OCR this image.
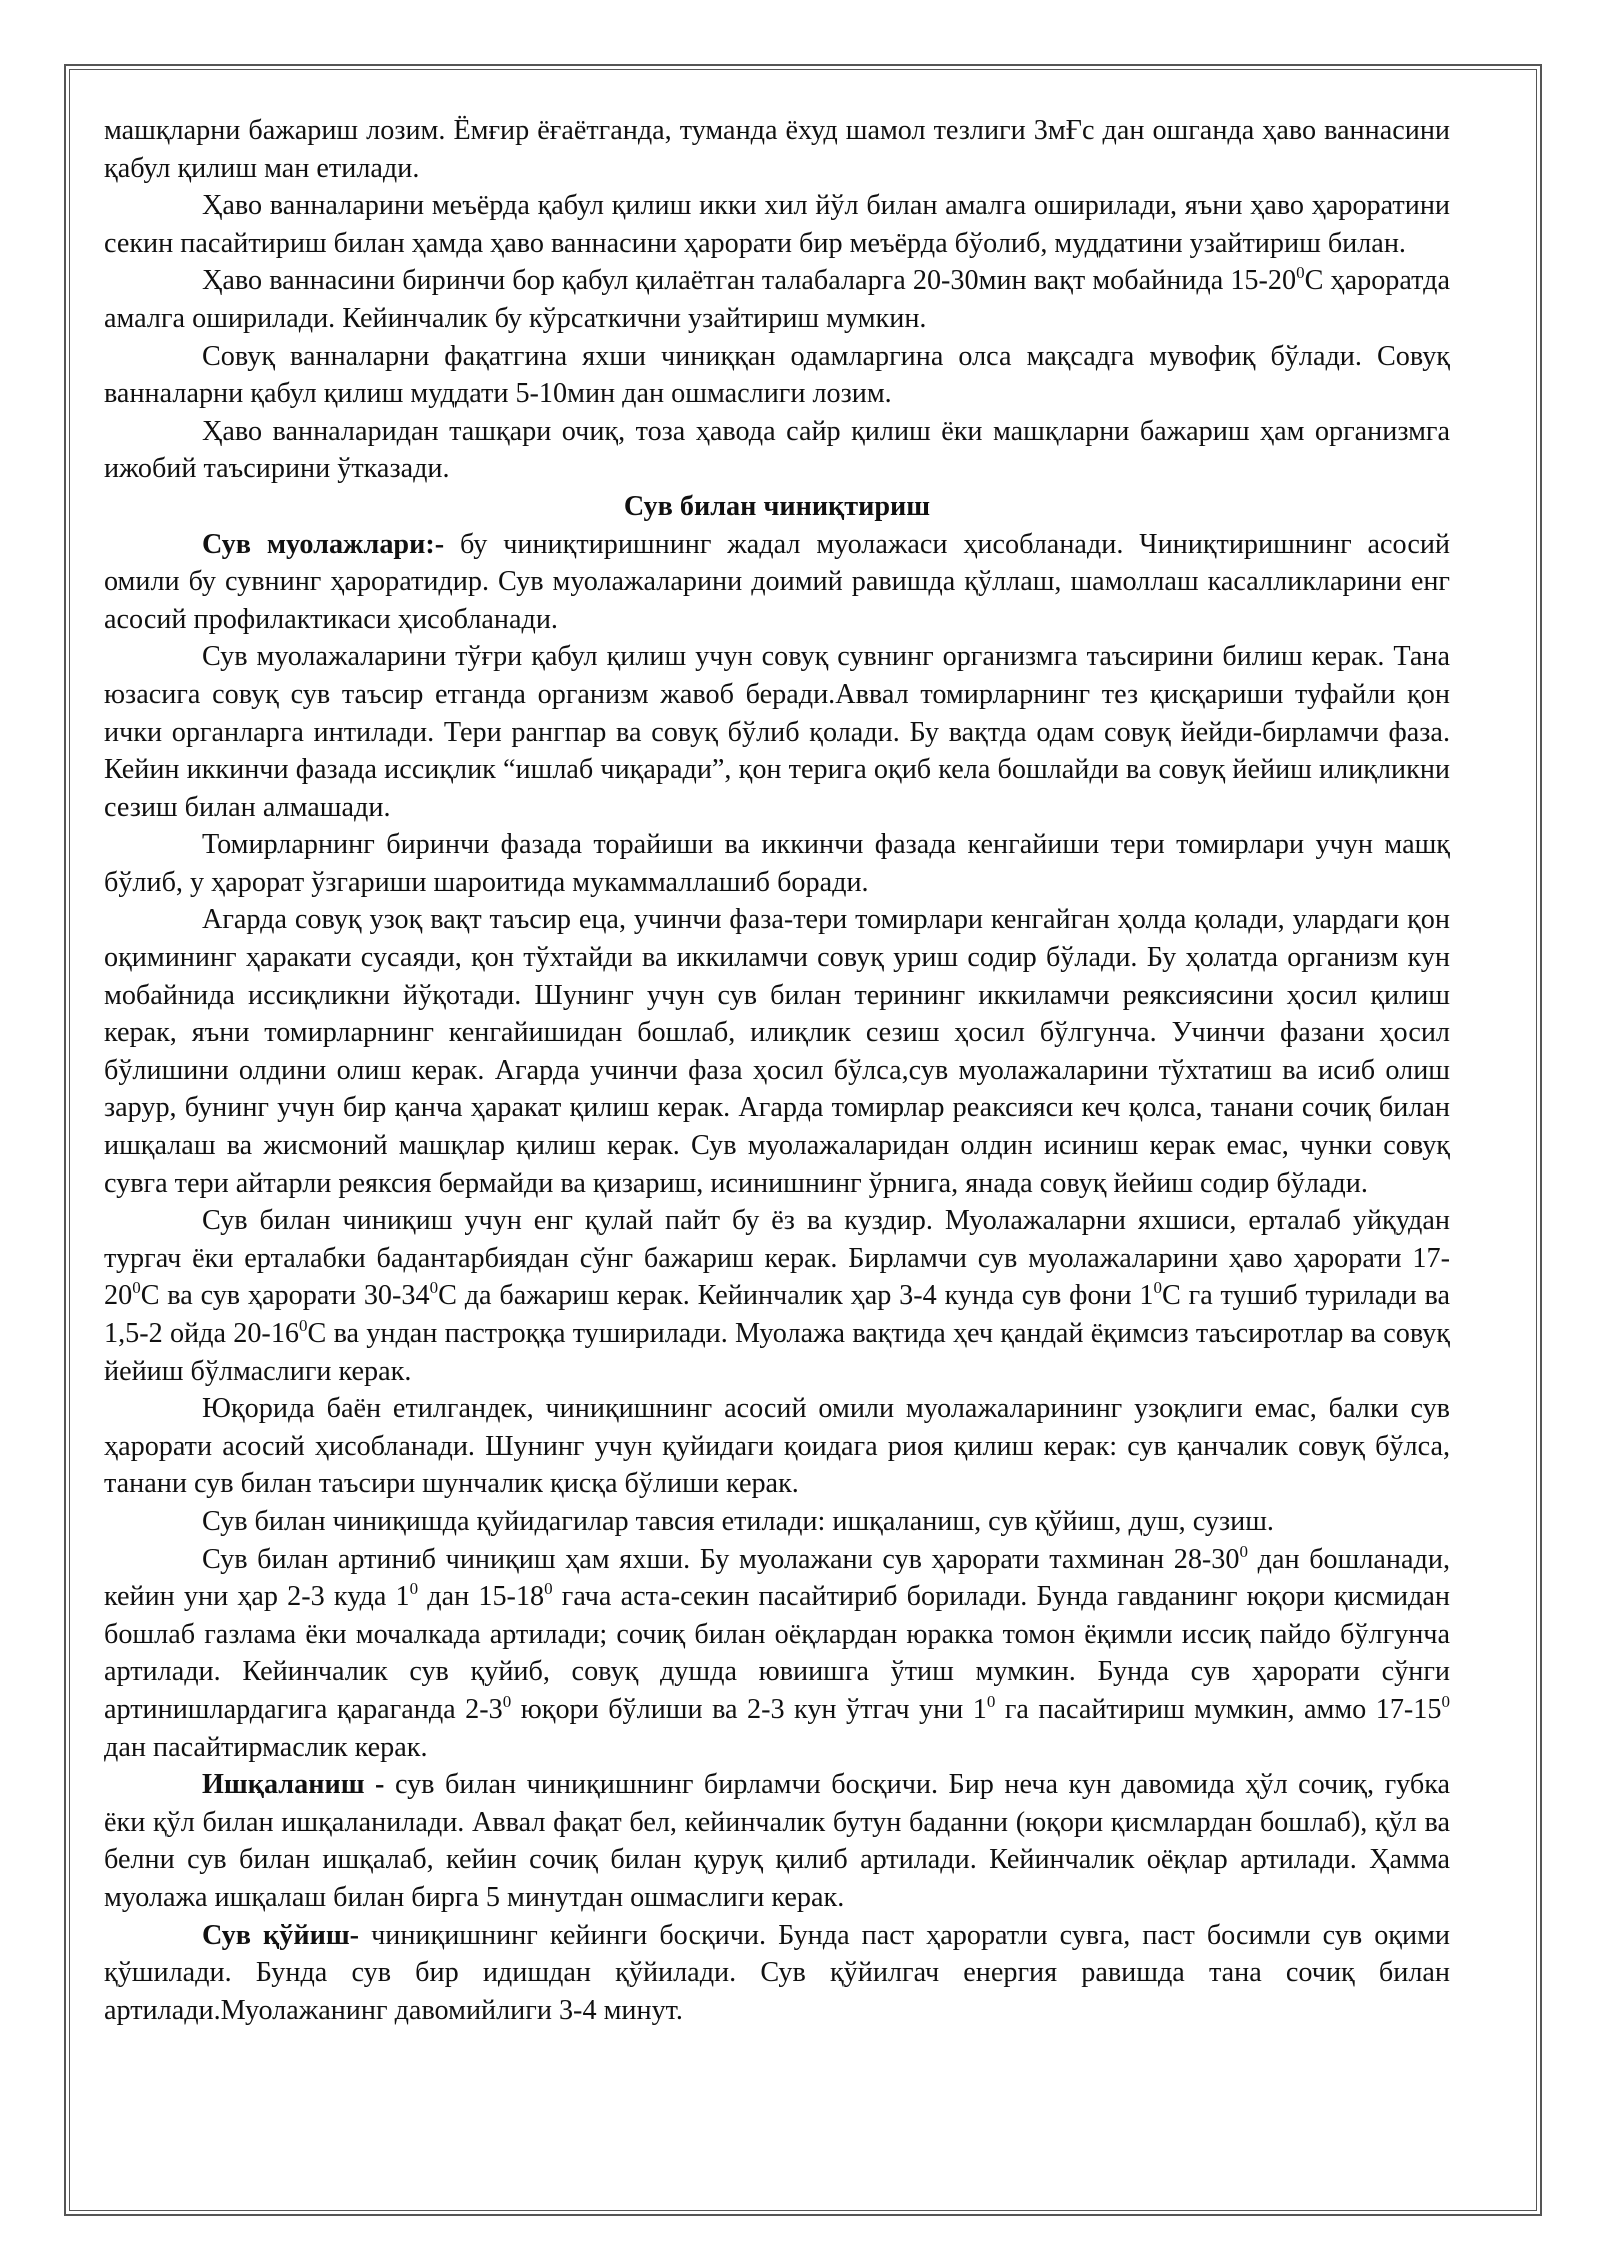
машқларни бажариш лозим. Ёмғир ёғаётганда, туманда ёхуд шамол тезлиги 3мҒс дан ошганда ҳаво ваннасини қабул қилиш ман етилади.

Ҳаво ванналарини меъёрда қабул қилиш икки хил йўл билан амалга оширилади, яъни ҳаво ҳароратини секин пасайтириш билан ҳамда ҳаво ваннасини ҳарорати бир меъёрда бўолиб, муддатини узайтириш билан.

Ҳаво ваннасини биринчи бор қабул қилаётган талабаларга 20-30мин вақт мобайнида $15-20^0С$ ҳароратда амалга оширилади. Кейинчалик бу кўрсаткични узайтириш мумкин.

Совуқ ванналарни фақатгина яхши чиниққан одамларгина олса мақсадга мувофиқ бўлади. Совуқ ванналарни қабул қилиш муддати 5-10мин дан ошмаслиги лозим.

Ҳаво ванналаридан ташқари очиқ, тоза ҳавода сайр қилиш ёки машқларни бажариш ҳам организмга ижобий таъсирини ўтказади.

Сув билан чиниқтириш

Сув муолажлари:- бу чиниқтиришнинг жадал муолажаси ҳисобланади. Чиниқтиришнинг асосий омили бу сувнинг ҳароратидир. Сув муолажаларини доимий равишда қўллаш, шамоллаш касалликларини енг асосий профилактикаси ҳисобланади.

Сув муолажаларини тўғри қабул қилиш учун совуқ сувнинг организмга таъсирини билиш керак. Тана юзасига совуқ сув таъсир етганда организм жавоб беради.Аввал томирларнинг тез қисқариши туфайли қон ички органларга интилади. Тери рангпар ва совуқ бўлиб қолади. Бу вақтда одам совуқ йейди-бирламчи фаза. Кейин иккинчи фазада иссиқлик “ишлаб чиқаради”, қон терига оқиб кела бошлайди ва совуқ йейиш илиқликни сезиш билан алмашади.

Томирларнинг биринчи фазада торайиши ва иккинчи фазада кенгайиши тери томирлари учун машқ бўлиб, у ҳарорат ўзгариши шароитида мукаммаллашиб боради.

Агарда совуқ узоқ вақт таъсир еца, учинчи фаза-тери томирлари кенгайган ҳолда қолади, улардаги қон оқимининг ҳаракати сусаяди, қон тўхтайди ва иккиламчи совуқ уриш содир бўлади. Бу ҳолатда организм кун мобайнида иссиқликни йўқотади. Шунинг учун сув билан терининг иккиламчи реяксиясини ҳосил қилиш керак, яъни томирларнинг кенгайишидан бошлаб, илиқлик сезиш ҳосил бўлгунча. Учинчи фазани ҳосил бўлишини олдини олиш керак. Агарда учинчи фаза ҳосил бўлса,сув муолажаларини тўхтатиш ва исиб олиш зарур, бунинг учун бир қанча ҳаракат қилиш керак. Агарда томирлар реаксияси кеч қолса, танани сочиқ билан ишқалаш ва жисмоний машқлар қилиш керак. Сув муолажаларидан олдин исиниш керак емас, чунки совуқ сувга тери айтарли реяксия бермайди ва қизариш, исинишнинг ўрнига, янада совуқ йейиш содир бўлади.

Сув билан чиниқиш учун енг қулай пайт бу ёз ва куздир. Муолажаларни яхшиси, ерталаб уйқудан тургач ёки ерталабки бадантарбиядан сўнг бажариш керак. Бирламчи сув муолажаларини ҳаво ҳарорати $17-20^0С$ ва сув ҳарорати $30-34^0С$ да бажариш керак. Кейинчалик ҳар 3-4 кунда сув фони $1^0С$ га тушиб турилади ва 1,5-2 ойда $20-16^0С$ ва ундан пастроққа туширилади. Муолажа вақтида ҳеч қандай ёқимсиз таъсиротлар ва совуқ йейиш бўлмаслиги керак.

Юқорида баён етилгандек, чиниқишнинг асосий омили муолажаларининг узоқлиги емас, балки сув ҳарорати асосий ҳисобланади. Шунинг учун қуйидаги қоидага риоя қилиш керак: сув қанчалик совуқ бўлса, танани сув билан таъсири шунчалик қисқа бўлиши керак.

Сув билан чиниқишда қуйидагилар тавсия етилади: ишқаланиш, сув қўйиш, душ, сузиш.

Сув билан артиниб чиниқиш ҳам яхши. Бу муолажани сув ҳарорати тахминан $28-30^0$ дан бошланади, кейин уни ҳар 2-3 куда $1^0$ дан $15-18^0$ гача аста-секин пасайтириб борилади. Бунда гавданинг юқори қисмидан бошлаб газлама ёки мочалкада артилади; сочиқ билан оёқлардан юракка томон ёқимли иссиқ пайдо бўлгунча артилади. Кейинчалик сув қуйиб, совуқ душда ювиишга ўтиш мумкин. Бунда сув ҳарорати сўнги артинишлардагига қараганда $2-3^0$ юқори бўлиши ва 2-3 кун ўтгач уни $1^0$ га пасайтириш мумкин, аммо $17-15^0$ дан пасайтирмаслик керак.

Ишқаланиш - сув билан чиниқишнинг бирламчи босқичи. Бир неча кун давомида ҳўл сочиқ, губка ёки қўл билан ишқаланилади. Аввал фақат бел, кейинчалик бутун баданни (юқори қисмлардан бошлаб), қўл ва белни сув билан ишқалаб, кейин сочиқ билан қуруқ қилиб артилади. Кейинчалик оёқлар артилади. Ҳамма муолажа ишқалаш билан бирга 5 минутдан ошмаслиги керак.

Сув қўйиш- чиниқишнинг кейинги босқичи. Бунда паст ҳароратли сувга, паст босимли сув оқими қўшилади. Бунда сув бир идишдан қўйилади. Сув қўйилгач енергия равишда тана сочиқ билан артилади.Муолажанинг давомийлиги 3-4 минут.
